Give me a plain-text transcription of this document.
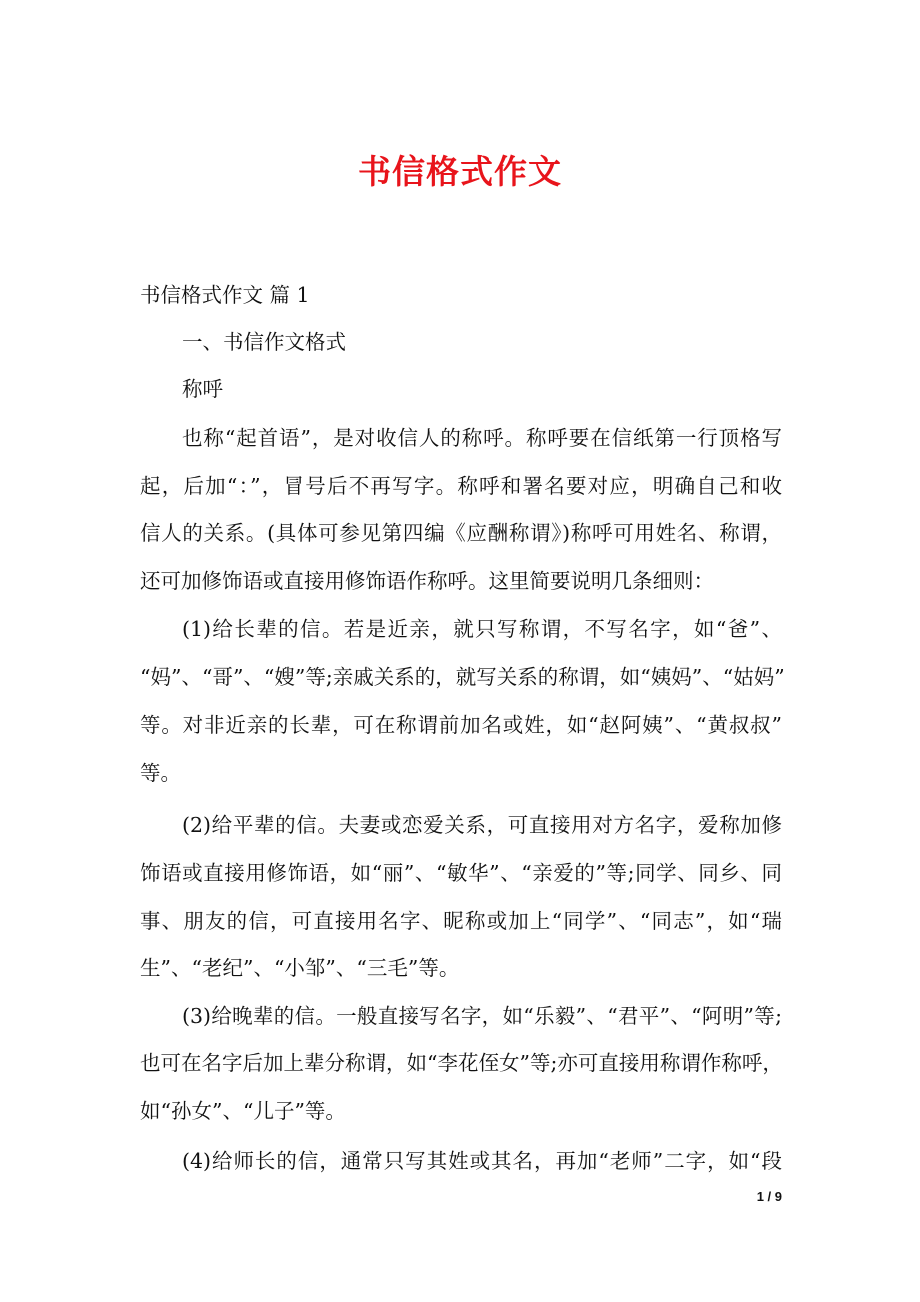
书信格式作文
书信格式作文 篇 1
一、书信作文格式
称呼
也称“起首语”，是对收信人的称呼。称呼要在信纸第一行顶格写
起，后加“：”，冒号后不再写字。称呼和署名要对应，明确自己和收
信人的关系。(具体可参见第四编《应酬称谓》)称呼可用姓名、称谓，
还可加修饰语或直接用修饰语作称呼。这里简要说明几条细则：
(1)给长辈的信。若是近亲，就只写称谓，不写名字，如“爸”、
“妈”、“哥”、“嫂”等;亲戚关系的，就写关系的称谓，如“姨妈”、“姑妈”
等。对非近亲的长辈，可在称谓前加名或姓，如“赵阿姨”、“黄叔叔”
等。
(2)给平辈的信。夫妻或恋爱关系，可直接用对方名字，爱称加修
饰语或直接用修饰语，如“丽”、“敏华”、“亲爱的”等;同学、同乡、同
事、朋友的信，可直接用名字、昵称或加上“同学”、“同志”，如“瑞
生”、“老纪”、“小邹”、“三毛”等。
(3)给晚辈的信。一般直接写名字，如“乐毅”、“君平”、“阿明”等;
也可在名字后加上辈分称谓，如“李花侄女”等;亦可直接用称谓作称呼，
如“孙女”、“儿子”等。
(4)给师长的信，通常只写其姓或其名，再加“老师”二字，如“段
1 / 9
